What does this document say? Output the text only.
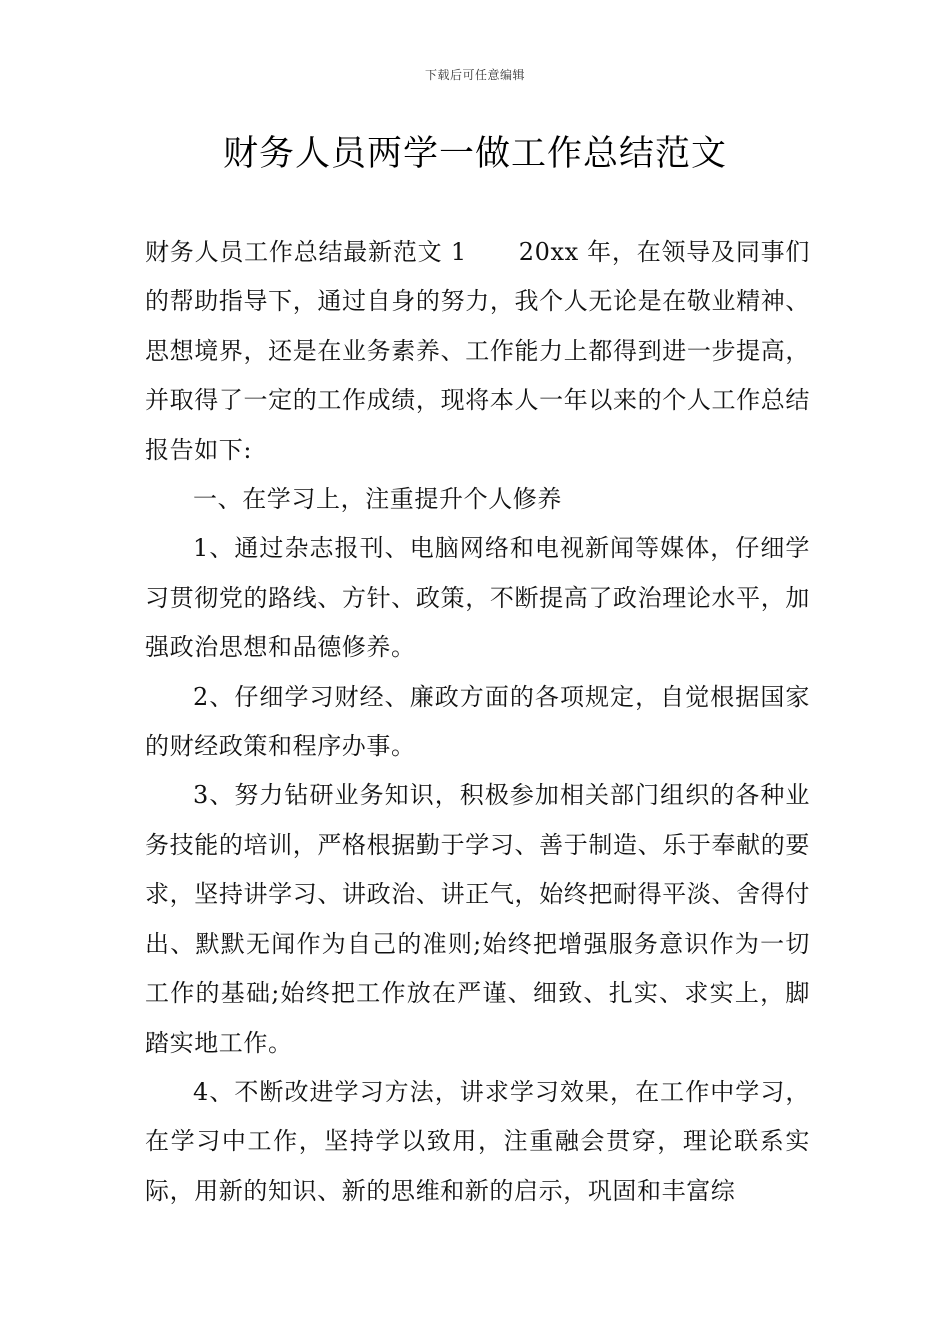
下载后可任意编辑
财务人员两学一做工作总结范文

财务人员工作总结最新范文 1 20xx 年，在领导及同事们的帮助指导下，通过自身的努力，我个人无论是在敬业精神、思想境界，还是在业务素养、工作能力上都得到进一步提高，并取得了一定的工作成绩，现将本人一年以来的个人工作总结报告如下:

一、在学习上，注重提升个人修养

1、通过杂志报刊、电脑网络和电视新闻等媒体，仔细学习贯彻党的路线、方针、政策，不断提高了政治理论水平，加强政治思想和品德修养。

2、仔细学习财经、廉政方面的各项规定，自觉根据国家的财经政策和程序办事。

3、努力钻研业务知识，积极参加相关部门组织的各种业务技能的培训，严格根据勤于学习、善于制造、乐于奉献的要求，坚持讲学习、讲政治、讲正气，始终把耐得平淡、舍得付出、默默无闻作为自己的准则;始终把增强服务意识作为一切工作的基础;始终把工作放在严谨、细致、扎实、求实上，脚踏实地工作。

4、不断改进学习方法，讲求学习效果，在工作中学习，在学习中工作，坚持学以致用，注重融会贯穿，理论联系实际，用新的知识、新的思维和新的启示，巩固和丰富综
